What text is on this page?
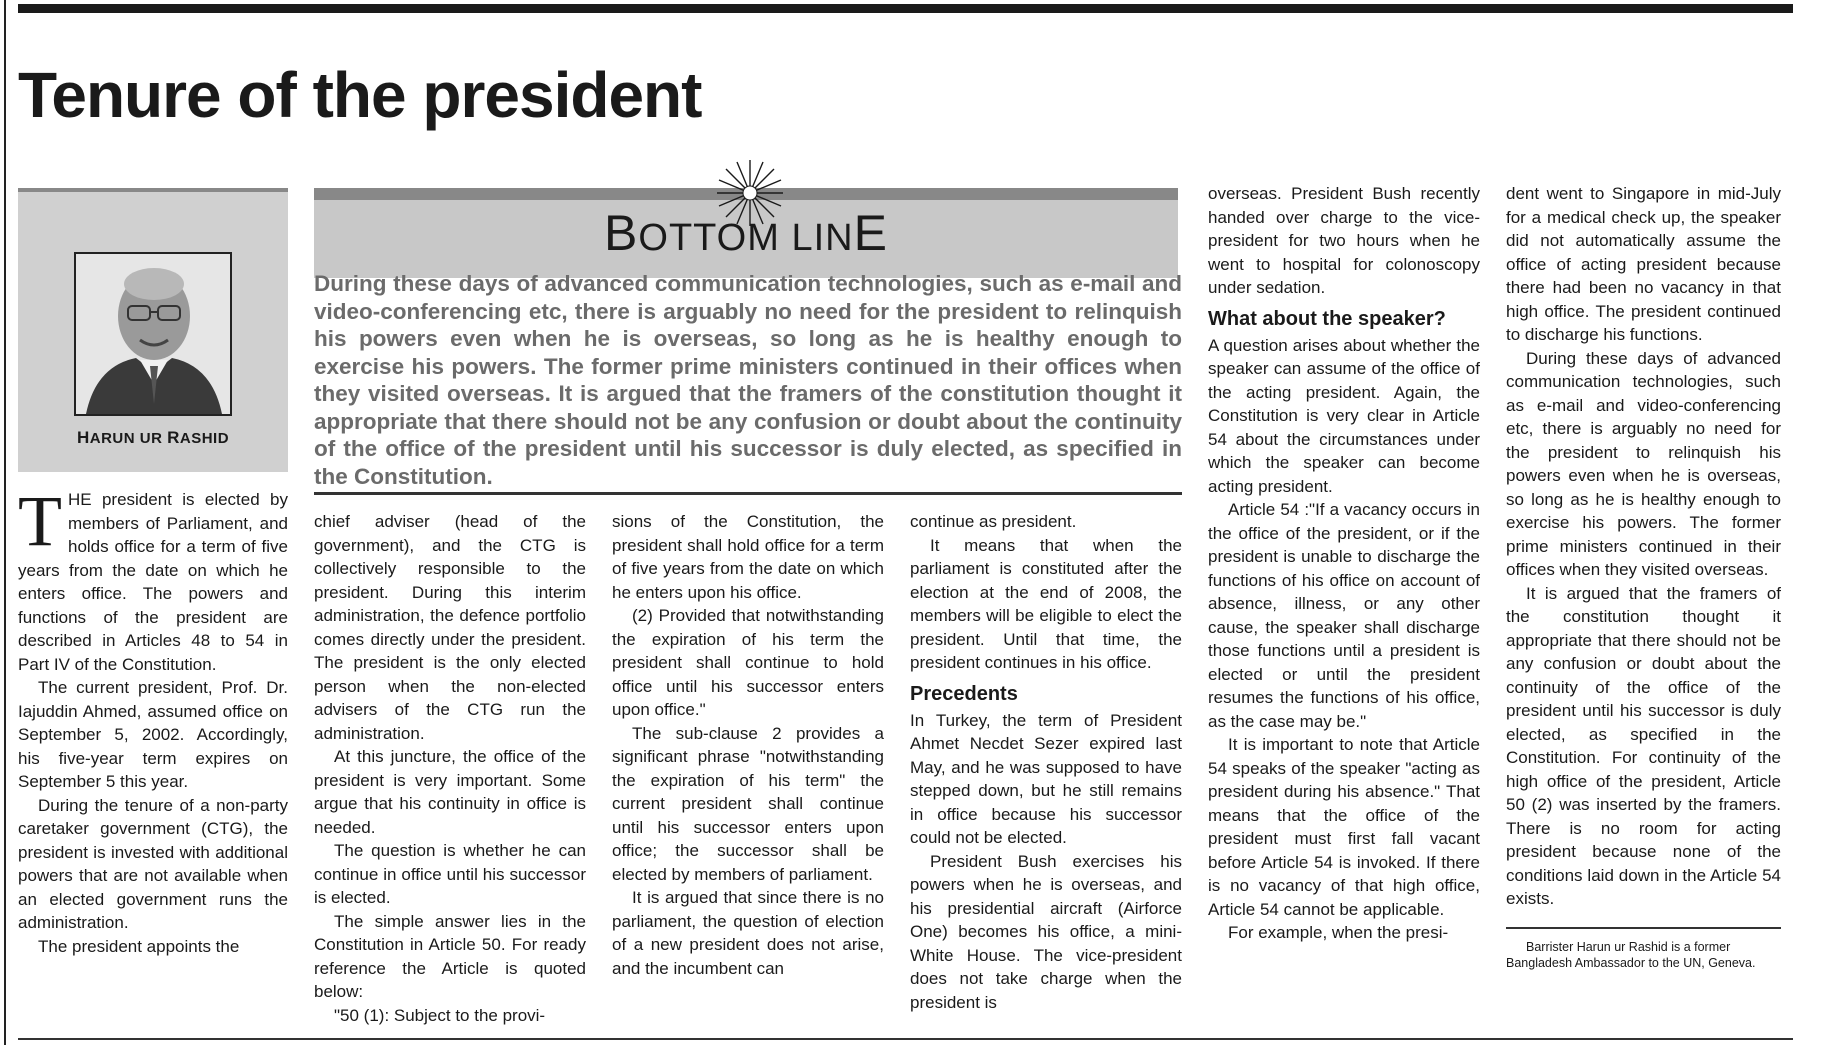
Tenure of the president
HARUN UR RASHID
BOTTOM LINE

During these days of advanced communication technologies, such as e-mail and video-conferencing etc, there is arguably no need for the president to relinquish his powers even when he is overseas, so long as he is healthy enough to exercise his powers. The former prime ministers continued in their offices when they visited overseas. It is argued that the framers of the constitution thought it appropriate that there should not be any confusion or doubt about the continuity of the office of the president until his successor is duly elected, as specified in the Constitution.

T HE president is elected by members of Parliament, and holds office for a term of five years from the date on which he enters office. The powers and functions of the president are described in Articles 48 to 54 in Part IV of the Constitution.

The current president, Prof. Dr. Iajuddin Ahmed, assumed office on September 5, 2002. Accordingly, his five-year term expires on September 5 this year.

During the tenure of a non-party caretaker government (CTG), the president is invested with additional powers that are not available when an elected government runs the administration.

The president appoints the

chief adviser (head of the government), and the CTG is collectively responsible to the president. During this interim administration, the defence portfolio comes directly under the president. The president is the only elected person when the non-elected advisers of the CTG run the administration.

At this juncture, the office of the president is very important. Some argue that his continuity in office is needed.

The question is whether he can continue in office until his successor is elected.

The simple answer lies in the Constitution in Article 50. For ready reference the Article is quoted below:

"50 (1): Subject to the provi-

sions of the Constitution, the president shall hold office for a term of five years from the date on which he enters upon his office.

(2) Provided that notwithstanding the expiration of his term the president shall continue to hold office until his successor enters upon office."

The sub-clause 2 provides a significant phrase "notwithstanding the expiration of his term" the current president shall continue until his successor enters upon office; the successor shall be elected by members of parliament.

It is argued that since there is no parliament, the question of election of a new president does not arise, and the incumbent can

continue as president.

It means that when the parliament is constituted after the election at the end of 2008, the members will be eligible to elect the president. Until that time, the president continues in his office.

Precedents

In Turkey, the term of President Ahmet Necdet Sezer expired last May, and he was supposed to have stepped down, but he still remains in office because his successor could not be elected.

President Bush exercises his powers when he is overseas, and his presidential aircraft (Airforce One) becomes his office, a mini-White House. The vice-president does not take charge when the president is

overseas. President Bush recently handed over charge to the vice-president for two hours when he went to hospital for colonoscopy under sedation.

What about the speaker?

A question arises about whether the speaker can assume of the office of the acting president. Again, the Constitution is very clear in Article 54 about the circumstances under which the speaker can become acting president.

Article 54 :"If a vacancy occurs in the office of the president, or if the president is unable to discharge the functions of his office on account of absence, illness, or any other cause, the speaker shall discharge those functions until a president is elected or until the president resumes the functions of his office, as the case may be."

It is important to note that Article 54 speaks of the speaker "acting as president during his absence." That means that the office of the president must first fall vacant before Article 54 is invoked. If there is no vacancy of that high office, Article 54 cannot be applicable.

For example, when the presi-

dent went to Singapore in mid-July for a medical check up, the speaker did not automatically assume the office of acting president because there had been no vacancy in that high office. The president continued to discharge his functions.

During these days of advanced communication technologies, such as e-mail and video-conferencing etc, there is arguably no need for the president to relinquish his powers even when he is overseas, so long as he is healthy enough to exercise his powers. The former prime ministers continued in their offices when they visited overseas.

It is argued that the framers of the constitution thought it appropriate that there should not be any confusion or doubt about the continuity of the office of the president until his successor is duly elected, as specified in the Constitution. For continuity of the high office of the president, Article 50 (2) was inserted by the framers. There is no room for acting president because none of the conditions laid down in the Article 54 exists.

Barrister Harun ur Rashid is a former Bangladesh Ambassador to the UN, Geneva.
